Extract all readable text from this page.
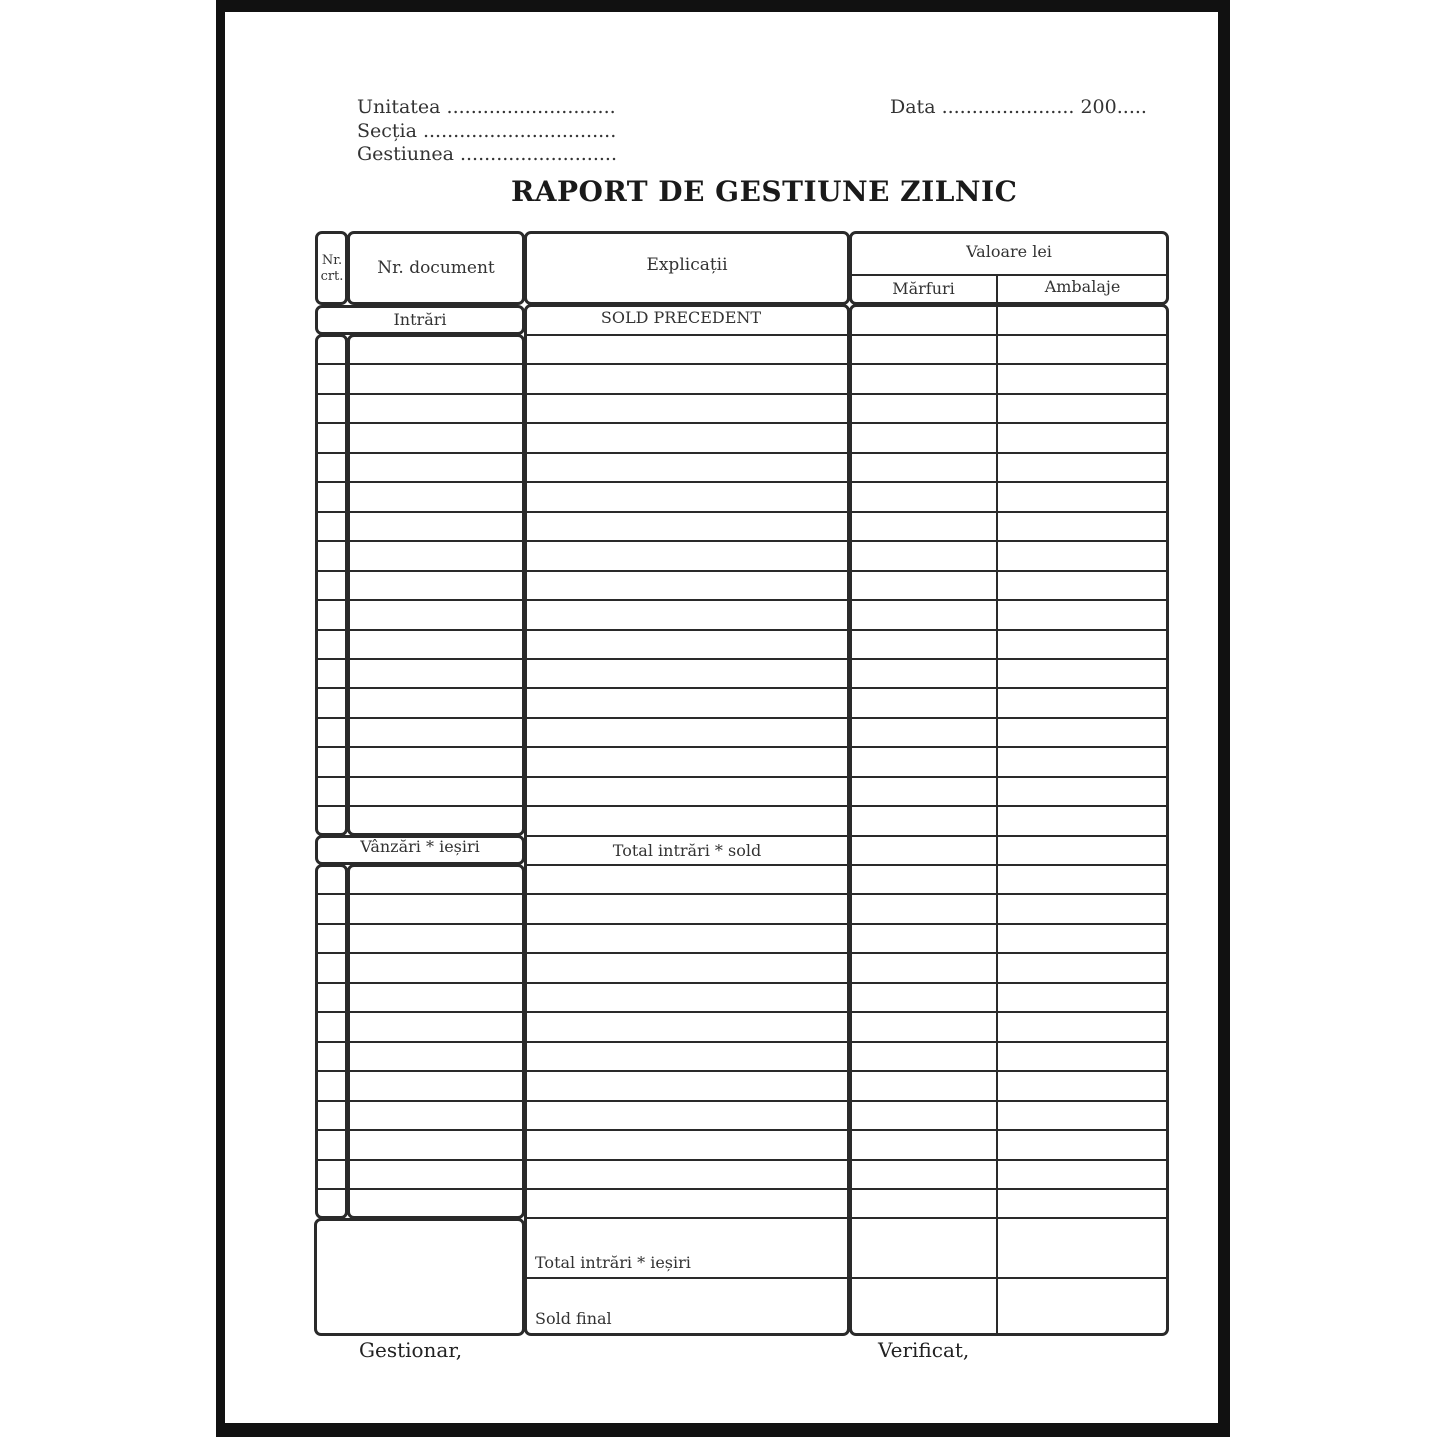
Unitatea ............................
Secția ................................
Gestiunea ..........................
Data ...................... 200.....
RAPORT DE GESTIUNE ZILNIC
Nr. crt.	Nr. document	Explicații
Valoare lei
Mărfuri	Ambalaje
Intrări	SOLD PRECEDENT
Vânzări * ieșiri	Total intrări * sold
Total intrări * ieșiri
Sold final
Gestionar,	Verificat,
